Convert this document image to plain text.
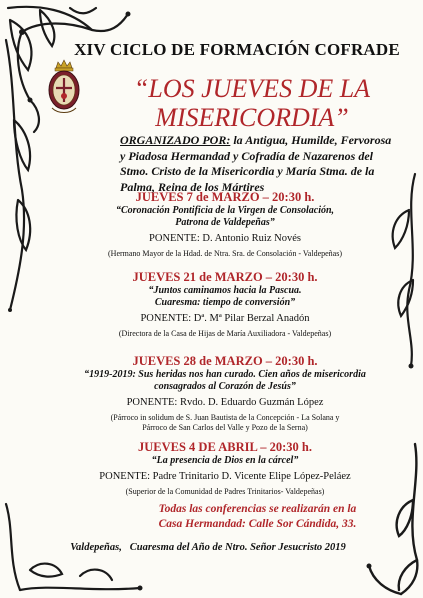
XIV CICLO DE FORMACIÓN COFRADE
“LOS JUEVES DE LA
MISERICORDIA”
ORGANIZADO POR: la Antigua, Humilde, Fervorosa y Piadosa Hermandad y Cofradía de Nazarenos del Stmo. Cristo de la Misericordia y María Stma. de la Palma, Reina de los Mártires
JUEVES 7 de MARZO – 20:30 h.
“Coronación Pontificia de la Virgen de Consolación,
Patrona de Valdepeñas”
PONENTE: D. Antonio Ruiz Novés
(Hermano Mayor de la Hdad. de Ntra. Sra. de Consolación - Valdepeñas)
JUEVES 21 de MARZO – 20:30 h.
“Juntos caminamos hacia la Pascua.
Cuaresma: tiempo de conversión”
PONENTE: Dª. Mª Pilar Berzal Anadón
(Directora de la Casa de Hijas de María Auxiliadora - Valdepeñas)
JUEVES 28 de MARZO – 20:30 h.
“1919-2019: Sus heridas nos han curado. Cien años de misericordia
consagrados al Corazón de Jesús”
PONENTE: Rvdo. D. Eduardo Guzmán López
(Párroco in solidum de S. Juan Bautista de la Concepción - La Solana y
Párroco de San Carlos del Valle y Pozo de la Serna)
JUEVES 4 DE ABRIL – 20:30 h.
“La presencia de Dios en la cárcel”
PONENTE: Padre Trinitario D. Vicente Elipe López-Peláez
(Superior de la Comunidad de Padres Trinitarios- Valdepeñas)
Todas las conferencias se realizarán en la
Casa Hermandad: Calle Sor Cándida, 33.
Valdepeñas,   Cuaresma del Año de Ntro. Señor Jesucristo 2019
